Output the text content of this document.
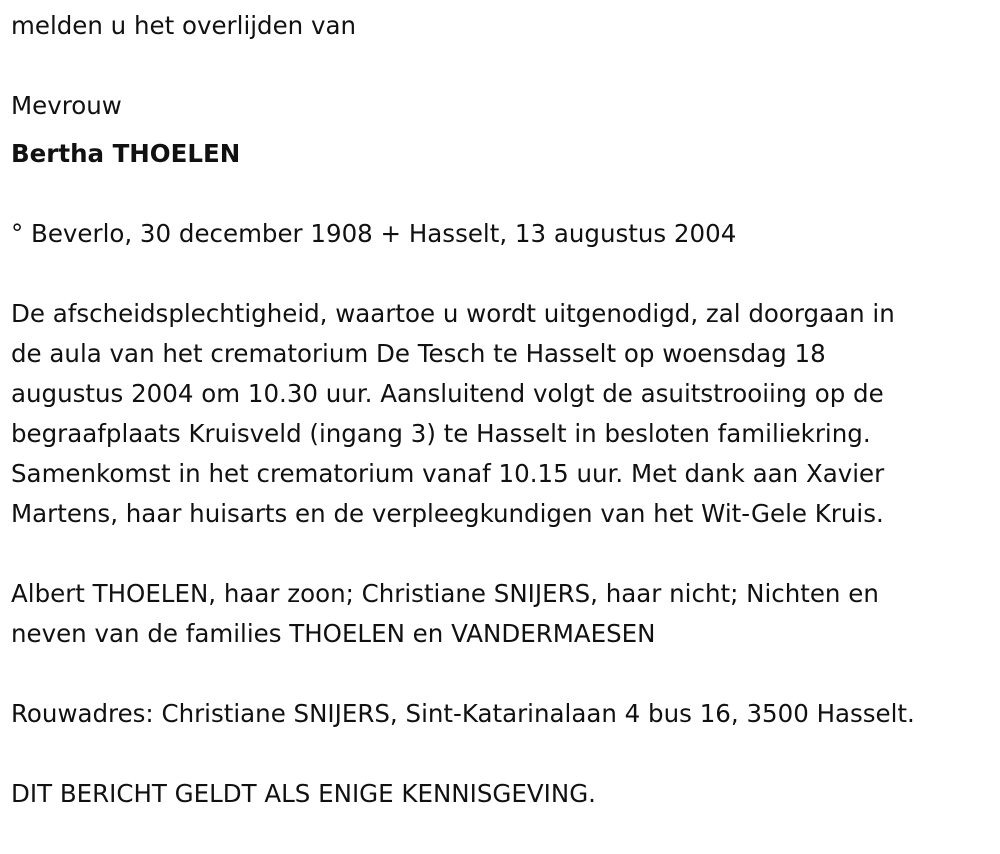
melden u het overlijden van
Mevrouw
Bertha THOELEN
° Beverlo, 30 december 1908 + Hasselt, 13 augustus 2004
De afscheidsplechtigheid, waartoe u wordt uitgenodigd, zal doorgaan in
de aula van het crematorium De Tesch te Hasselt op woensdag 18
augustus 2004 om 10.30 uur. Aansluitend volgt de asuitstrooiing op de
begraafplaats Kruisveld (ingang 3) te Hasselt in besloten familiekring.
Samenkomst in het crematorium vanaf 10.15 uur. Met dank aan Xavier
Martens, haar huisarts en de verpleegkundigen van het Wit-Gele Kruis.
Albert THOELEN, haar zoon; Christiane SNIJERS, haar nicht; Nichten en
neven van de families THOELEN en VANDERMAESEN
Rouwadres: Christiane SNIJERS, Sint-Katarinalaan 4 bus 16, 3500 Hasselt.
DIT BERICHT GELDT ALS ENIGE KENNISGEVING.
